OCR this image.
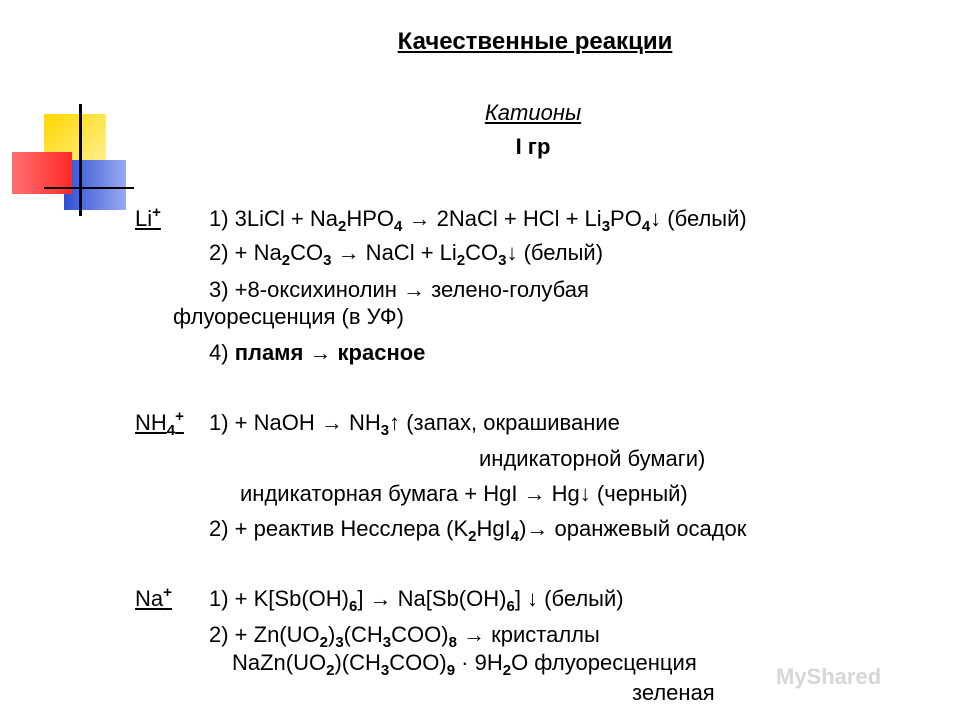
Качественные реакции
Катионы
I гр
Li+ 1) 3LiCl + $Na_2HPO_4$ → 2NaCl + HCl + $Li_3PO_4↓$ (белый)
$2) + Na_2CO_3$ → NaCl + $Li_2CO_3↓$ (белый)
3) +8-оксихинолин → зелено-голубая
флуоресценция (в УФ)
4) пламя → красное
$NH_4^+$ 1) + NaOH → $NH_3↑$ (запах, окрашивание
индикаторной бумаги)
индикаторная бумага + HgI → Hg↓ (черный)
2) + реактив Несслера $(K_2HgI_4)\to$ оранжевый осадок
Na+ $1) + K[Sb(OH)_6] \to Na[Sb(OH)_6]$ ↓ (белый)
$2) + Zn(UO_2)_3(CH_3COO)_8$ → кристаллы
$NaZn(UO_2)(CH_3COO)_9 \cdot 9H_2O$ флуоресценция
зеленая
MyShared
